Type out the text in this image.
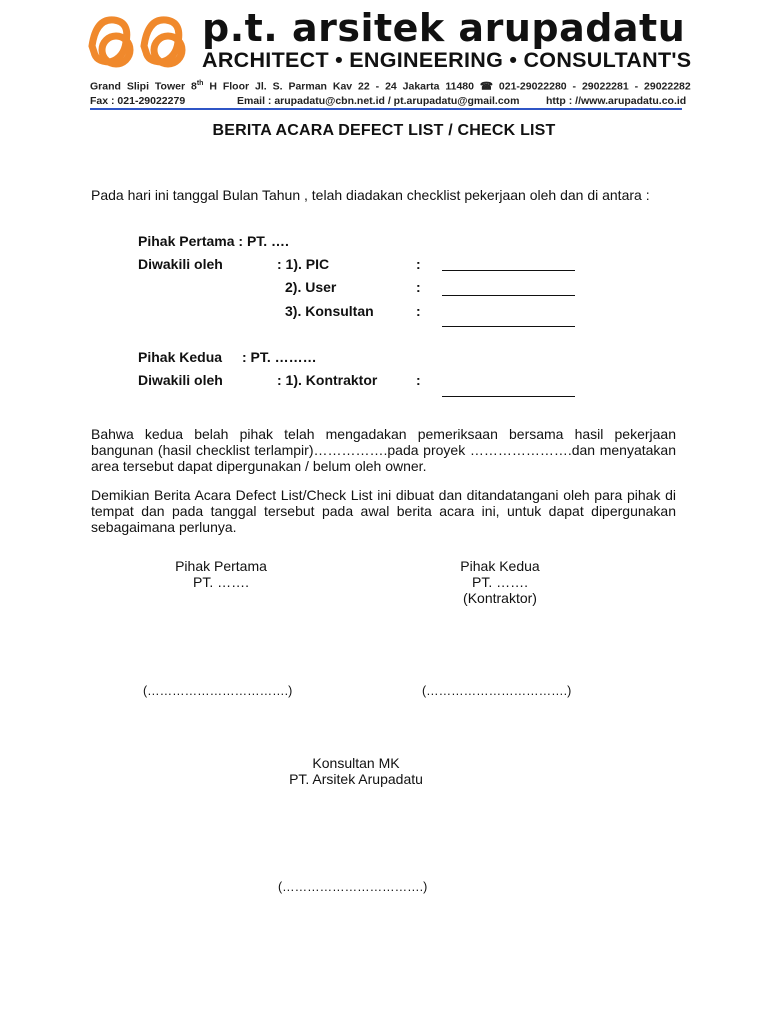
p.t. arsitek arupadatu
ARCHITECT • ENGINEERING • CONSULTANT'S
Grand Slipi Tower 8th H Floor Jl. S. Parman Kav 22 - 24 Jakarta 11480 ☎ 021-29022280 - 29022281 - 29022282
Fax : 021-29022279	Email : arupadatu@cbn.net.id / pt.arupadatu@gmail.com	http : //www.arupadatu.co.id
BERITA ACARA DEFECT LIST / CHECK LIST
Pada hari ini tanggal Bulan Tahun , telah diadakan checklist pekerjaan oleh dan di antara :
Pihak Pertama : PT. ….
Diwakili oleh	: 1). PIC	:
2). User	:
3). Konsultan	:
Pihak Kedua : PT. ………
Diwakili oleh	: 1). Kontraktor	:
Bahwa kedua belah pihak telah mengadakan pemeriksaan bersama hasil pekerjaan bangunan (hasil checklist terlampir)…………….pada proyek ………………….dan menyatakan area tersebut dapat dipergunakan / belum oleh owner.
Demikian Berita Acara Defect List/Check List ini dibuat dan ditandatangani oleh para pihak di tempat dan pada tanggal tersebut pada awal berita acara ini, untuk dapat dipergunakan sebagaimana perlunya.
Pihak Pertama
PT. …….
(…………………………….)
Pihak Kedua
PT. …….
(Kontraktor)
(…………………………….)
Konsultan MK
PT. Arsitek Arupadatu
(…………………………….)
